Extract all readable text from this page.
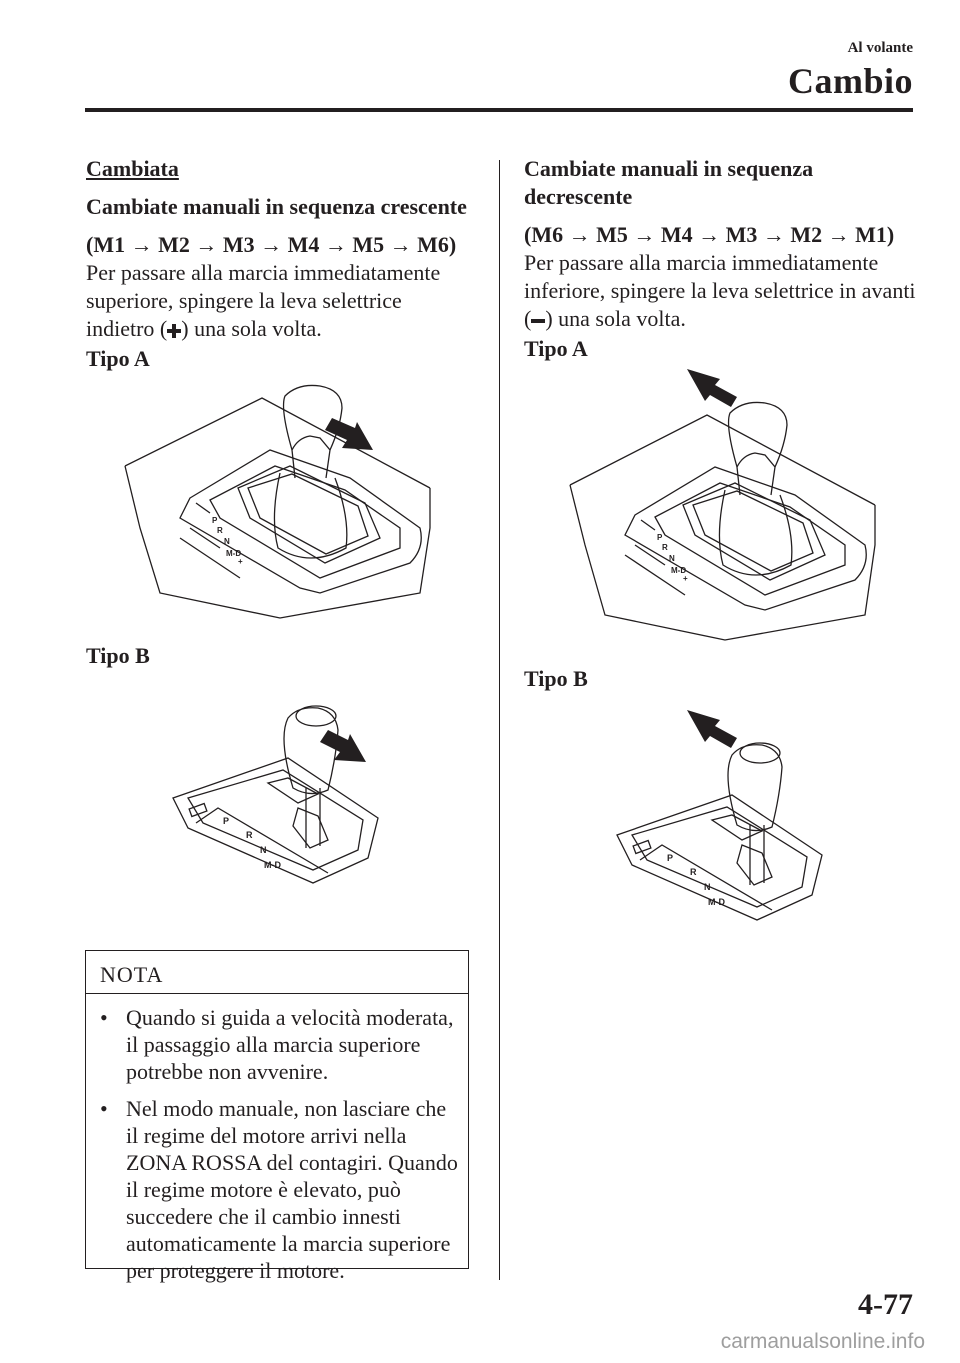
Al volante
Cambio

Cambiata

Cambiate manuali in sequenza crescente

(M1 → M2 → M3 → M4 → M5 → M6)

Per passare alla marcia immediatamente superiore, spingere la leva selettrice indietro ( ) una sola volta.

Tipo A

P
R
N
M-D
+

Tipo B

P
R
N
M-D
NOTA
• Quando si guida a velocità moderata, il passaggio alla marcia superiore potrebbe non avvenire.
• Nel modo manuale, non lasciare che il regime del motore arrivi nella ZONA ROSSA del contagiri. Quando il regime motore è elevato, può succedere che il cambio innesti automaticamente la marcia superiore per proteggere il motore.

Cambiate manuali in sequenza decrescente

(M6 → M5 → M4 → M3 → M2 → M1)

Per passare alla marcia immediatamente inferiore, spingere la leva selettrice in avanti ( ) una sola volta.

Tipo A

P
R
N
M-D
+

Tipo B

P
R
N
M-D
4-77
carmanualsonline.info
